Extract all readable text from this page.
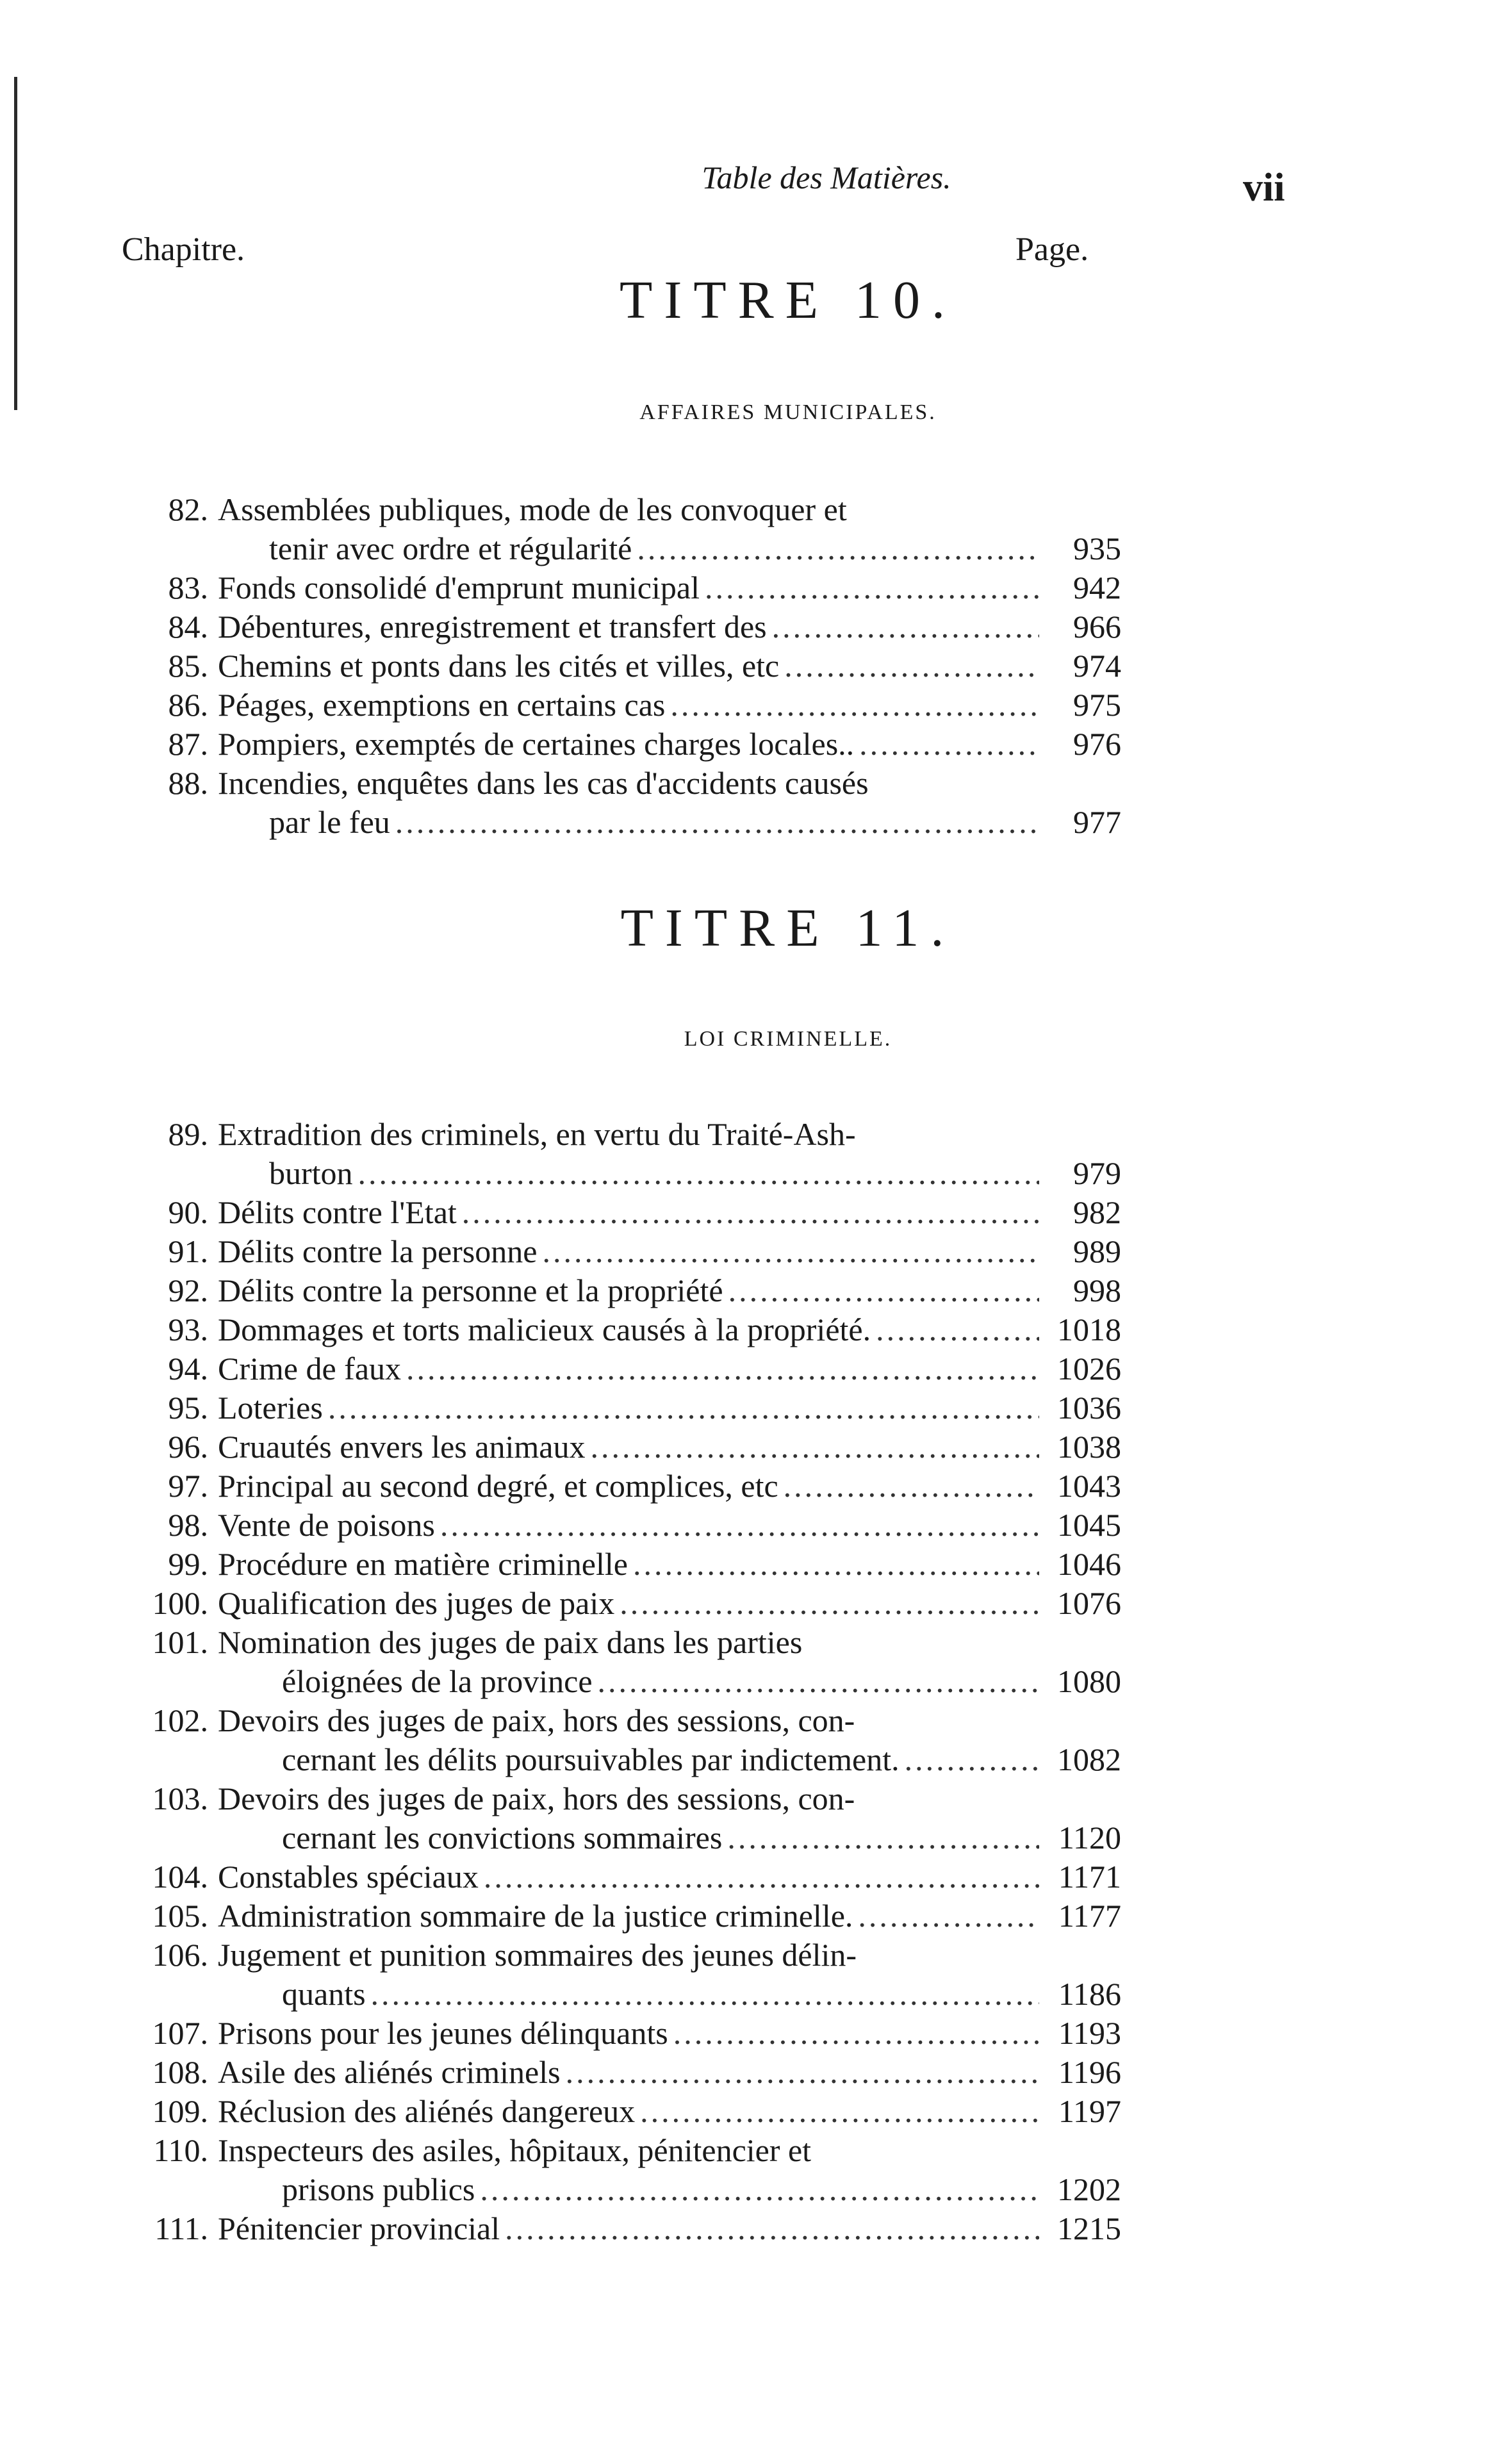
Table des Matières.	vii
Chapitre.	Page.
TITRE 10.
AFFAIRES MUNICIPALES.
82. Assemblées publiques, mode de les convoquer et
tenir avec ordre et régularité .....	935
83. Fonds consolidé d'emprunt municipal .....	942
84. Débentures, enregistrement et transfert des .....	966
85. Chemins et ponts dans les cités et villes, etc .....	974
86. Péages, exemptions en certains cas .....	975
87. Pompiers, exemptés de certaines charges locales.. .....	976
88. Incendies, enquêtes dans les cas d'accidents causés
par le feu .....	977
TITRE 11.
LOI CRIMINELLE.
89. Extradition des criminels, en vertu du Traité-Ash-
burton .....	979
90. Délits contre l'Etat .....	982
91. Délits contre la personne .....	989
92. Délits contre la personne et la propriété .....	998
93. Dommages et torts malicieux causés à la propriété. .....	1018
94. Crime de faux .....	1026
95. Loteries .....	1036
96. Cruautés envers les animaux .....	1038
97. Principal au second degré, et complices, etc .....	1043
98. Vente de poisons .....	1045
99. Procédure en matière criminelle .....	1046
100. Qualification des juges de paix .....	1076
101. Nomination des juges de paix dans les parties
éloignées de la province .....	1080
102. Devoirs des juges de paix, hors des sessions, con-
cernant les délits poursuivables par indictement. .....	1082
103. Devoirs des juges de paix, hors des sessions, con-
cernant les convictions sommaires .....	1120
104. Constables spéciaux .....	1171
105. Administration sommaire de la justice criminelle. .....	1177
106. Jugement et punition sommaires des jeunes délin-
quants .....	1186
107. Prisons pour les jeunes délinquants .....	1193
108. Asile des aliénés criminels .....	1196
109. Réclusion des aliénés dangereux .....	1197
110. Inspecteurs des asiles, hôpitaux, pénitencier et
prisons publics .....	1202
111. Pénitencier provincial .....	1215
